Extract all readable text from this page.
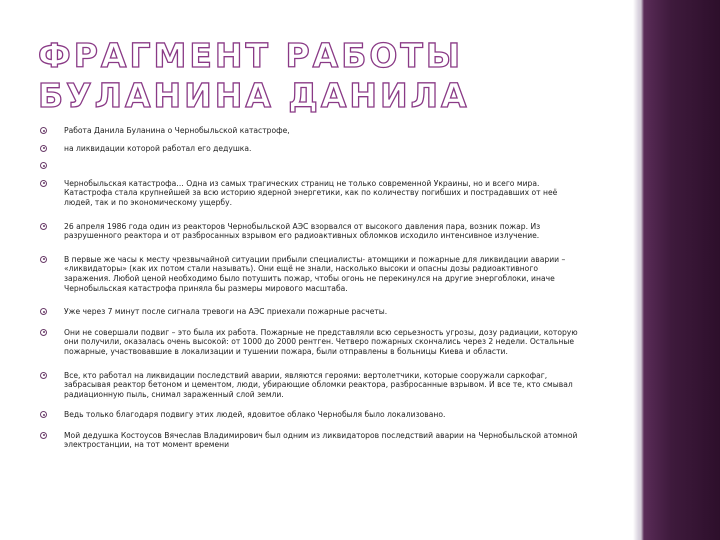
ФРАГМЕНТ РАБОТЫ БУЛАНИНА ДАНИЛА
Работа Данила Буланина о Чернобыльской катастрофе,
на ликвидации которой работал его дедушка.
Чернобыльская катастрофа… Одна из самых трагических страниц не только современной Украины, но и всего мира. Катастрофа стала крупнейшей за всю историю ядерной энергетики, как по количеству погибших и пострадавших от неё людей, так и по экономическому ущербу.
26 апреля 1986 года один из реакторов Чернобыльской АЭС взорвался от высокого давления пара, возник пожар. Из разрушенного реактора и от разбросанных взрывом его радиоактивных обломков исходило интенсивное излучение.
В первые же часы к месту чрезвычайной ситуации прибыли специалисты- атомщики и пожарные для ликвидации аварии – «ликвидаторы» (как их потом стали называть). Они ещё не знали, насколько высоки и опасны дозы радиоактивного заражения. Любой ценой необходимо было потушить пожар, чтобы огонь не перекинулся на другие энергоблоки, иначе Чернобыльская катастрофа приняла бы размеры мирового масштаба.
Уже через 7 минут после сигнала тревоги на АЭС приехали пожарные расчеты.
Они не совершали подвиг – это была их работа. Пожарные не представляли всю серьезность угрозы, дозу радиации, которую они получили, оказалась очень высокой: от 1000 до 2000 рентген. Четверо пожарных скончались через 2 недели. Остальные пожарные, участвовавшие в локализации и тушении пожара, были отправлены в больницы Киева и области.
Все, кто работал на ликвидации последствий аварии, являются героями: вертолетчики, которые сооружали саркофаг, забрасывая реактор бетоном и цементом, люди, убирающие обломки реактора, разбросанные взрывом. И все те, кто смывал радиационную пыль, снимал зараженный слой земли.
Ведь только благодаря подвигу этих людей, ядовитое облако Чернобыля было локализовано.
Мой дедушка Костоусов Вячеслав Владимирович был одним из ликвидаторов последствий аварии на Чернобыльской атомной электростанции, на тот момент времени
